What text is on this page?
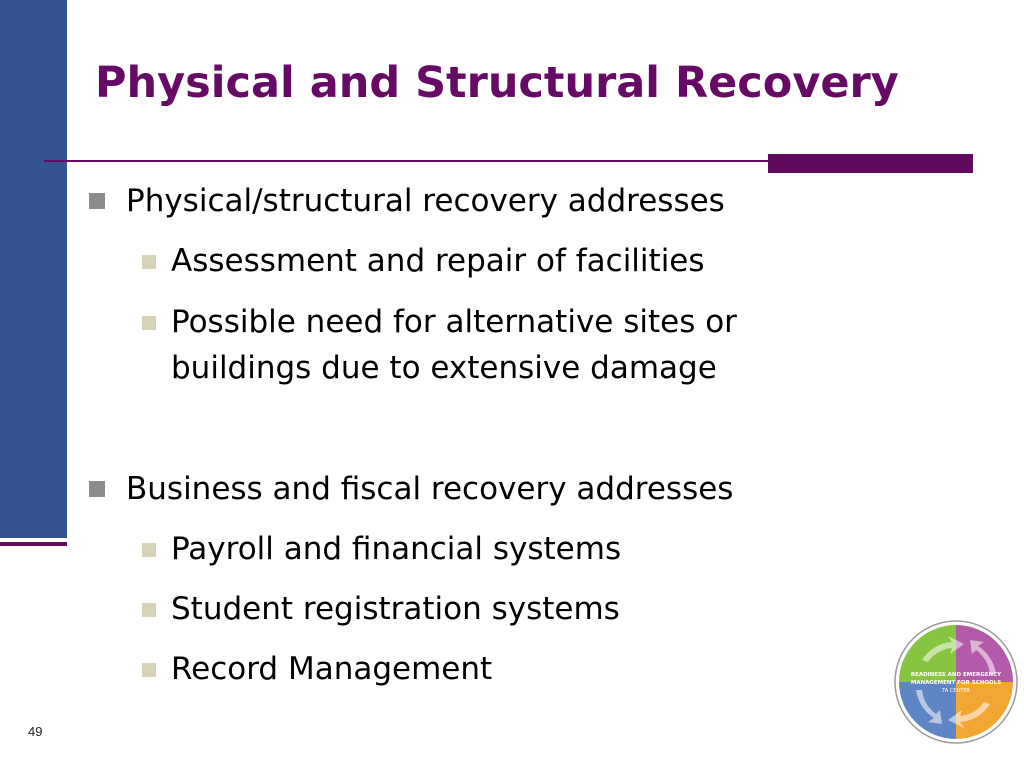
Physical and Structural Recovery
Physical/structural recovery addresses
Assessment and repair of facilities
Possible need for alternative sites or
buildings due to extensive damage
Business and fiscal recovery addresses
Payroll and financial systems
Student registration systems
Record Management
49
READINESS AND EMERGENCY
MANAGEMENT FOR SCHOOLS
TA CENTER
